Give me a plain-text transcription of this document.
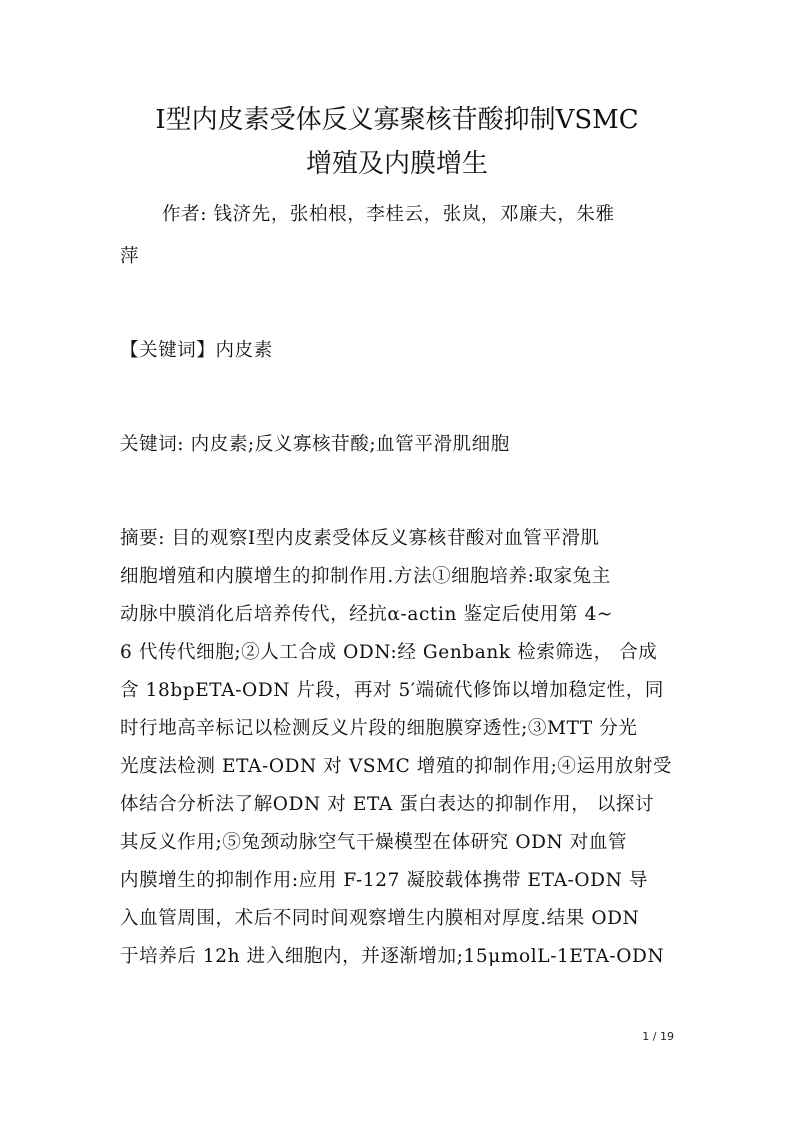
Ⅰ型内皮素受体反义寡聚核苷酸抑制VSMC
增殖及内膜增生
作者: 钱济先，张柏根，李桂云，张岚，邓廉夫，朱雅
萍
【关键词】内皮素
关键词: 内皮素;反义寡核苷酸;血管平滑肌细胞
摘要: 目的观察Ⅰ型内皮素受体反义寡核苷酸对血管平滑肌
细胞增殖和内膜增生的抑制作用.方法①细胞培养:取家兔主
动脉中膜消化后培养传代，经抗α-actin 鉴定后使用第 4~
6 代传代细胞;②人工合成 ODN:经 Genbank 检索筛选， 合成
含 18bpETA-ODN 片段，再对 5′端硫代修饰以增加稳定性，同
时行地高辛标记以检测反义片段的细胞膜穿透性;③MTT 分光
光度法检测 ETA-ODN 对 VSMC 增殖的抑制作用;④运用放射受
体结合分析法了解ODN 对 ETA 蛋白表达的抑制作用， 以探讨
其反义作用;⑤兔颈动脉空气干燥模型在体研究 ODN 对血管
内膜增生的抑制作用:应用 F-127 凝胶载体携带 ETA-ODN 导
入血管周围，术后不同时间观察增生内膜相对厚度.结果 ODN
于培养后 12h 进入细胞内，并逐渐增加;15μmolL-1ETA-ODN
1 / 19
